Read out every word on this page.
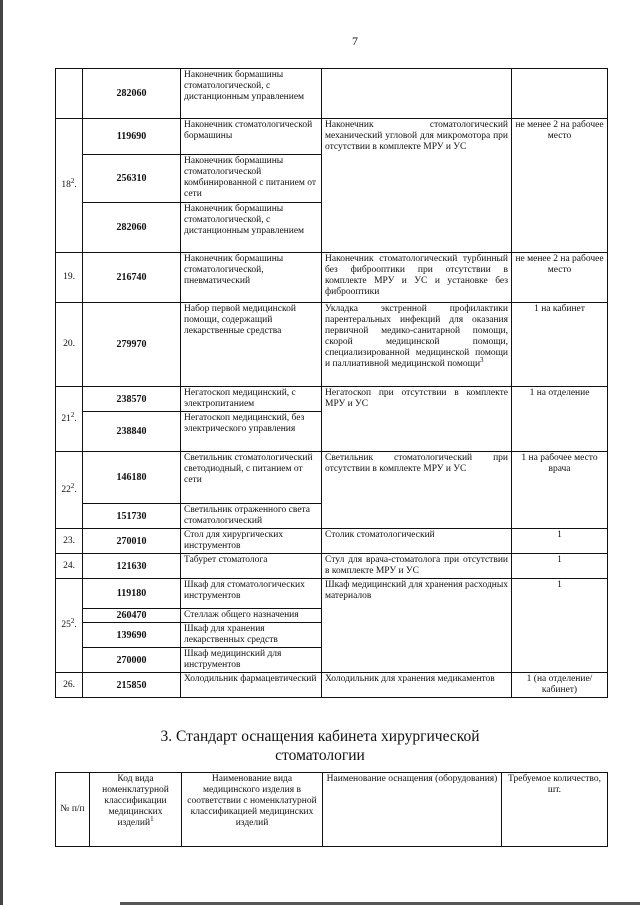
7
	282060	Наконечник бормашины стоматологической, с дистанционным управлением		
$18^2$.	119690	Наконечник стоматологической бормашины	Наконечник стоматологический механический угловой для микромотора при отсутствии в комплекте МРУ и УС	не менее 2 на рабочее место
	256310	Наконечник бормашины стоматологической комбинированной с питанием от сети		
	282060	Наконечник бормашины стоматологической, с дистанционным управлением		
19.	216740	Наконечник бормашины стоматологической, пневматический	Наконечник стоматологический турбинный без фиброоптики при отсутствии в комплекте МРУ и УС и установке без фиброоптики	не менее 2 на рабочее место
20.	279970	Набор первой медицинской помощи, содержащий лекарственные средства	Укладка экстренной профилактики парентеральных инфекций для оказания первичной медико-санитарной помощи, скорой медицинской помощи, специализированной медицинской помощи и паллиативной медицинской помощи$^3$	1 на кабинет
$21^2$.	238570	Негатоскоп медицинский, с электропитанием	Негатоскоп при отсутствии в комплекте МРУ и УС	1 на отделение
	238840	Негатоскоп медицинский, без электрического управления		
$22^2$.	146180	Светильник стоматологический светодиодный, с питанием от сети	Светильник стоматологический при отсутствии в комплекте МРУ и УС	1 на рабочее место врача
	151730	Светильник отраженного света стоматологический		
23.	270010	Стол для хирургических инструментов	Столик стоматологический	1
24.	121630	Табурет стоматолога	Стул для врача-стоматолога при отсутствии в комплекте МРУ и УС	1
$25^2$.	119180	Шкаф для стоматологических инструментов	Шкаф медицинский для хранения расходных материалов	1
	260470	Стеллаж общего назначения		
	139690	Шкаф для хранения лекарственных средств		
	270000	Шкаф медицинский для инструментов		
26.	215850	Холодильник фармацевтический	Холодильник для хранения медикаментов	1 (на отделение/ кабинет)
3. Стандарт оснащения кабинета хирургической
стоматологии
№ п/п	Код вида номенклатурной классификации медицинских изделий$^1$	Наименование вида медицинского изделия в соответствии с номенклатурной классификацией медицинских изделий	Наименование оснащения (оборудования)	Требуемое количество, шт.
